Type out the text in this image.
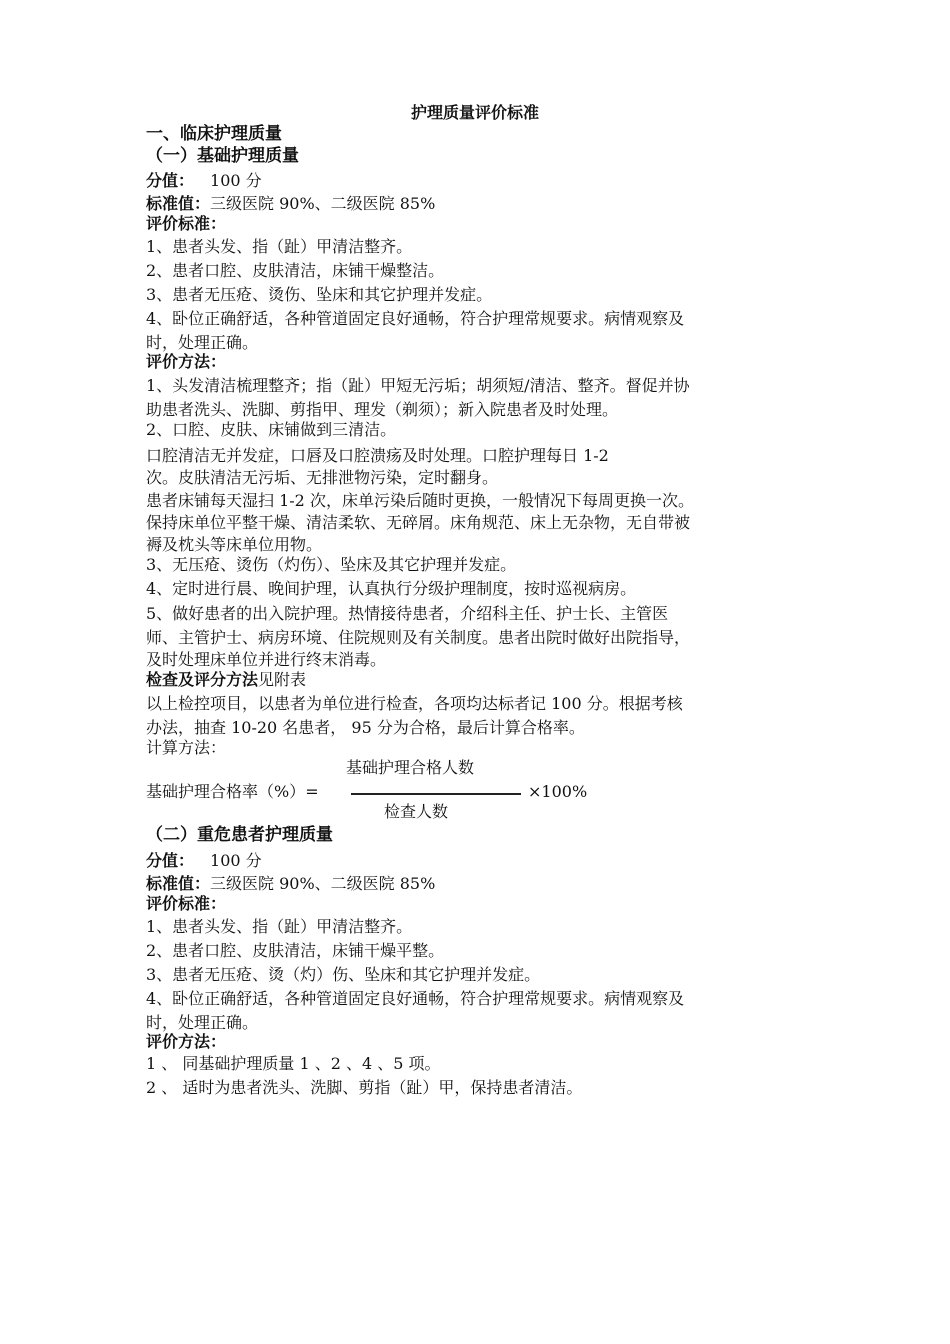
护理质量评价标准
一、临床护理质量
（一）基础护理质量
分值： 100 分
标准值：三级医院 90%、二级医院 85%
评价标准：
1、患者头发、指（趾）甲清洁整齐。
2、患者口腔、皮肤清洁，床铺干燥整洁。
3、患者无压疮、烫伤、坠床和其它护理并发症。
4、卧位正确舒适，各种管道固定良好通畅，符合护理常规要求。病情观察及
时，处理正确。
评价方法：
1、头发清洁梳理整齐；指（趾）甲短无污垢；胡须短/清洁、整齐。督促并协
助患者洗头、洗脚、剪指甲、理发（剃须）；新入院患者及时处理。
2、口腔、皮肤、床铺做到三清洁。
口腔清洁无并发症，口唇及口腔溃疡及时处理。口腔护理每日 1-2
次。皮肤清洁无污垢、无排泄物污染，定时翻身。
患者床铺每天湿扫 1-2 次，床单污染后随时更换，一般情况下每周更换一次。
保持床单位平整干燥、清洁柔软、无碎屑。床角规范、床上无杂物，无自带被
褥及枕头等床单位用物。
3、无压疮、烫伤（灼伤）、坠床及其它护理并发症。
4、定时进行晨、晚间护理，认真执行分级护理制度，按时巡视病房。
5、做好患者的出入院护理。热情接待患者，介绍科主任、护士长、主管医
师、主管护士、病房环境、住院规则及有关制度。患者出院时做好出院指导，
及时处理床单位并进行终末消毒。
检查及评分方法见附表
以上检控项目，以患者为单位进行检查，各项均达标者记 100 分。根据考核
办法，抽查 10-20 名患者， 95 分为合格，最后计算合格率。
计算方法：
基础护理合格人数
基础护理合格率（%）=	×100%
检查人数
（二）重危患者护理质量
分值： 100 分
标准值：三级医院 90%、二级医院 85%
评价标准：
1、患者头发、指（趾）甲清洁整齐。
2、患者口腔、皮肤清洁，床铺干燥平整。
3、患者无压疮、烫（灼）伤、坠床和其它护理并发症。
4、卧位正确舒适，各种管道固定良好通畅，符合护理常规要求。病情观察及
时，处理正确。
评价方法：
1 、 同基础护理质量 1 、2 、4 、5 项。
2 、 适时为患者洗头、洗脚、剪指（趾）甲，保持患者清洁。
